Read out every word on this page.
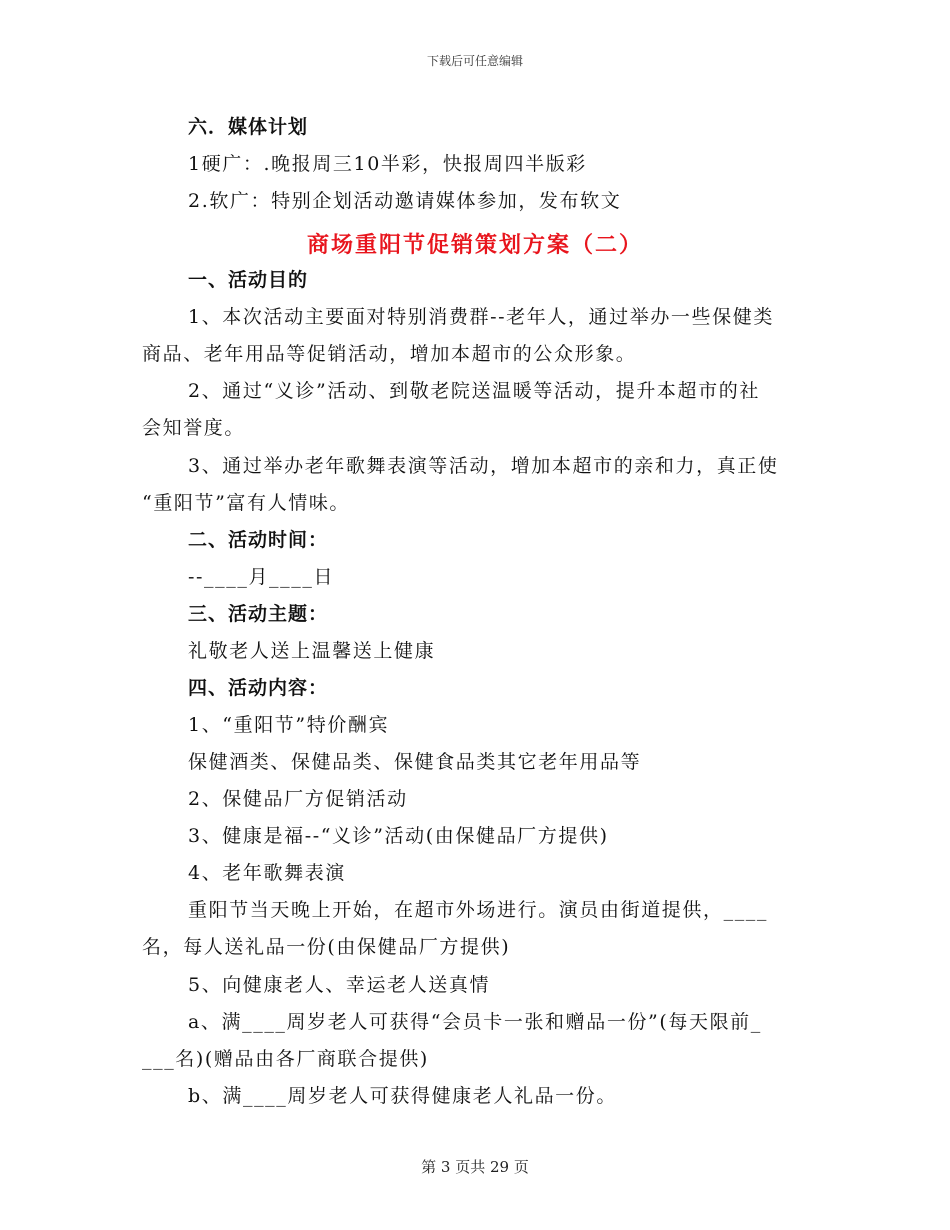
下载后可任意编辑
六．媒体计划
1硬广：.晚报周三10半彩，快报周四半版彩
2.软广：特别企划活动邀请媒体参加，发布软文
商场重阳节促销策划方案（二）
一、活动目的
1、本次活动主要面对特别消费群--老年人，通过举办一些保健类
商品、老年用品等促销活动，增加本超市的公众形象。
2、通过“义诊”活动、到敬老院送温暖等活动，提升本超市的社
会知誉度。
3、通过举办老年歌舞表演等活动，增加本超市的亲和力，真正使
“重阳节”富有人情味。
二、活动时间：
--____月____日
三、活动主题：
礼敬老人送上温馨送上健康
四、活动内容：
1、“重阳节”特价酬宾
保健酒类、保健品类、保健食品类其它老年用品等
2、保健品厂方促销活动
3、健康是福--“义诊”活动(由保健品厂方提供)
4、老年歌舞表演
重阳节当天晚上开始，在超市外场进行。演员由街道提供，____
名，每人送礼品一份(由保健品厂方提供)
5、向健康老人、幸运老人送真情
a、满____周岁老人可获得“会员卡一张和赠品一份”(每天限前_
___名)(赠品由各厂商联合提供)
b、满____周岁老人可获得健康老人礼品一份。
第 3 页共 29 页
